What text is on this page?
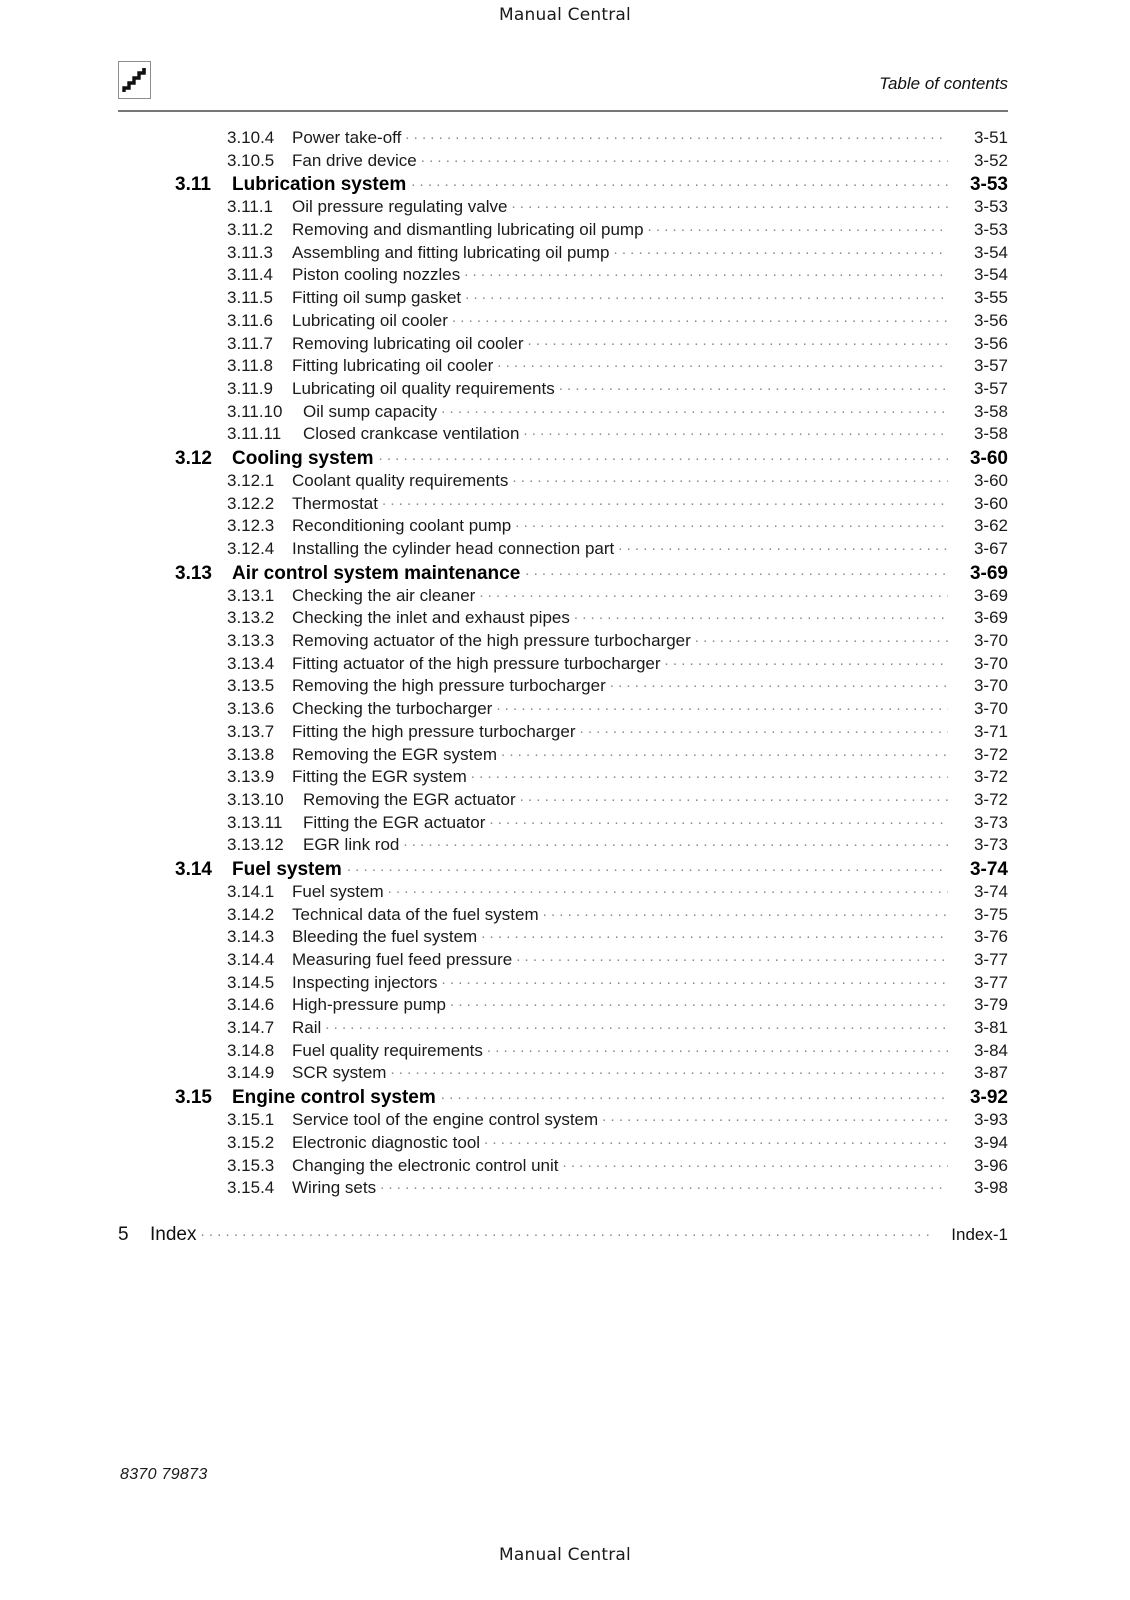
Manual Central
Table of contents
3.10.4	Power take-off . . .	3-51
3.10.5	Fan drive device . . .	3-52
3.11	Lubrication system . . .	3-53
3.11.1	Oil pressure regulating valve . . .	3-53
3.11.2	Removing and dismantling lubricating oil pump . . .	3-53
3.11.3	Assembling and fitting lubricating oil pump . . .	3-54
3.11.4	Piston cooling nozzles . . .	3-54
3.11.5	Fitting oil sump gasket . . .	3-55
3.11.6	Lubricating oil cooler . . .	3-56
3.11.7	Removing lubricating oil cooler . . .	3-56
3.11.8	Fitting lubricating oil cooler . . .	3-57
3.11.9	Lubricating oil quality requirements . . .	3-57
3.11.10	Oil sump capacity . . .	3-58
3.11.11	Closed crankcase ventilation . . .	3-58
3.12	Cooling system . . .	3-60
3.12.1	Coolant quality requirements . . .	3-60
3.12.2	Thermostat . . .	3-60
3.12.3	Reconditioning coolant pump . . .	3-62
3.12.4	Installing the cylinder head connection part . . .	3-67
3.13	Air control system maintenance . . .	3-69
3.13.1	Checking the air cleaner . . .	3-69
3.13.2	Checking the inlet and exhaust pipes . . .	3-69
3.13.3	Removing actuator of the high pressure turbocharger . . .	3-70
3.13.4	Fitting actuator of the high pressure turbocharger . . .	3-70
3.13.5	Removing the high pressure turbocharger . . .	3-70
3.13.6	Checking the turbocharger . . .	3-70
3.13.7	Fitting the high pressure turbocharger . . .	3-71
3.13.8	Removing the EGR system . . .	3-72
3.13.9	Fitting the EGR system . . .	3-72
3.13.10	Removing the EGR actuator . . .	3-72
3.13.11	Fitting the EGR actuator . . .	3-73
3.13.12	EGR link rod . . .	3-73
3.14	Fuel system . . .	3-74
3.14.1	Fuel system . . .	3-74
3.14.2	Technical data of the fuel system . . .	3-75
3.14.3	Bleeding the fuel system . . .	3-76
3.14.4	Measuring fuel feed pressure . . .	3-77
3.14.5	Inspecting injectors . . .	3-77
3.14.6	High-pressure pump . . .	3-79
3.14.7	Rail . . .	3-81
3.14.8	Fuel quality requirements . . .	3-84
3.14.9	SCR system . . .	3-87
3.15	Engine control system . . .	3-92
3.15.1	Service tool of the engine control system . . .	3-93
3.15.2	Electronic diagnostic tool . . .	3-94
3.15.3	Changing the electronic control unit . . .	3-96
3.15.4	Wiring sets . . .	3-98
5	Index . . .	Index-1
8370 79873
Manual Central
